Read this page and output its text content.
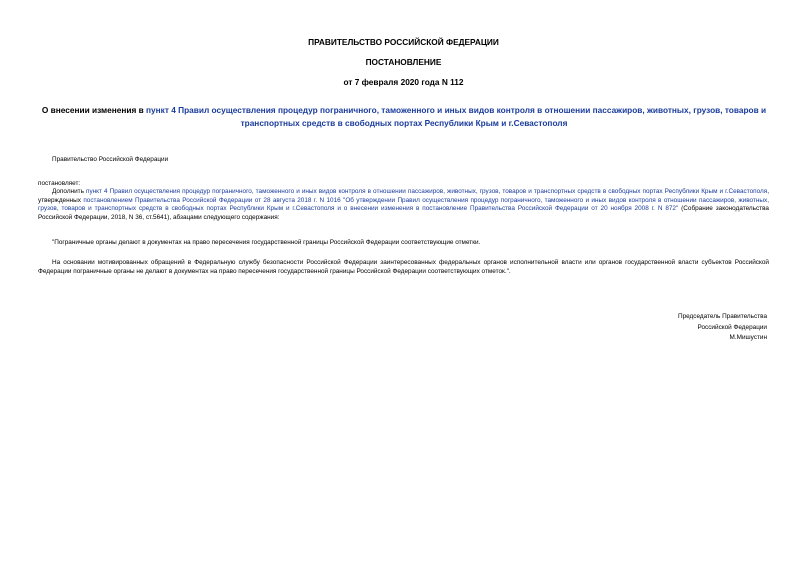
ПРАВИТЕЛЬСТВО РОССИЙСКОЙ ФЕДЕРАЦИИ
ПОСТАНОВЛЕНИЕ
от 7 февраля 2020 года N 112
О внесении изменения в пункт 4 Правил осуществления процедур пограничного, таможенного и иных видов контроля в отношении пассажиров, животных, грузов, товаров и транспортных средств в свободных портах Республики Крым и г.Севастополя
Правительство Российской Федерации
постановляет:
Дополнить пункт 4 Правил осуществления процедур пограничного, таможенного и иных видов контроля в отношении пассажиров, животных, грузов, товаров и транспортных средств в свободных портах Республики Крым и г.Севастополя, утвержденных постановлением Правительства Российской Федерации от 28 августа 2018 г. N 1016 "Об утверждении Правил осуществления процедур пограничного, таможенного и иных видов контроля в отношении пассажиров, животных, грузов, товаров и транспортных средств в свободных портах Республики Крым и г.Севастополя и о внесении изменения в постановление Правительства Российской Федерации от 20 ноября 2008 г. N 872" (Собрание законодательства Российской Федерации, 2018, N 36, ст.5641), абзацами следующего содержания:
"Пограничные органы делают в документах на право пересечения государственной границы Российской Федерации соответствующие отметки.
На основании мотивированных обращений в Федеральную службу безопасности Российской Федерации заинтересованных федеральных органов исполнительной власти или органов государственной власти субъектов Российской Федерации пограничные органы не делают в документах на право пересечения государственной границы Российской Федерации соответствующих отметок.".
Председатель Правительства
Российской Федерации
М.Мишустин
